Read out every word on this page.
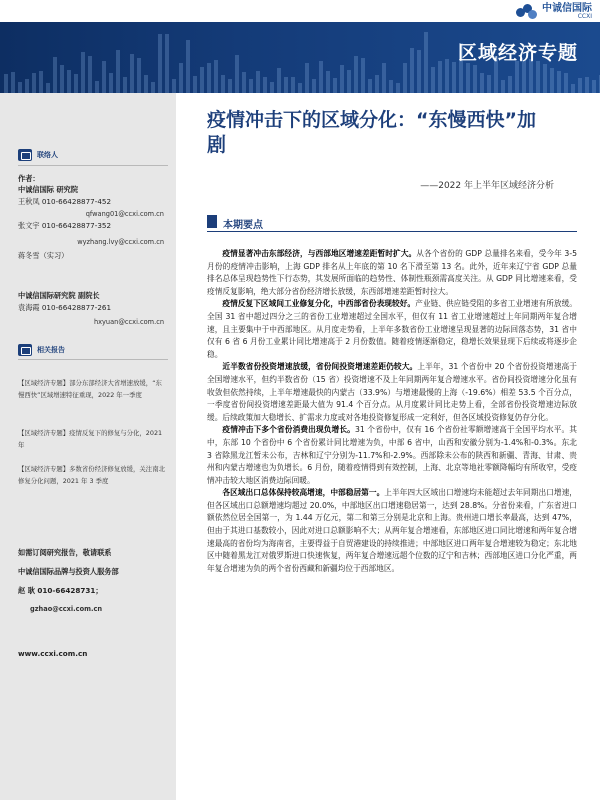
区域经济专题
中诚信国际
CCXI
联络人
作者：
中诚信国际 研究院
王秋凤 010-66428877-452
qfwang01@ccxi.com.cn
张文宇 010-66428877-352
wyzhang.lvy@ccxi.com.cn
蒋冬雪（实习）
中诚信国际研究院 副院长
袁海霞 010-66428877-261
hxyuan@ccxi.com.cn
相关报告
【区域经济专题】部分东部经济大省增速放缓，“东慢西快”区域增速特征重现，2022 年一季度
【区域经济专题】疫情反复下的修复与分化，2021 年
【区域经济专题】多数省份经济修复放缓，关注南北修复分化问题，2021 年 3 季度
如需订阅研究报告，敬请联系
中诚信国际品牌与投资人服务部
赵 耿 010-66428731；
gzhao@ccxi.com.cn
www.ccxi.com.cn
疫情冲击下的区域分化：“东慢西快”加剧
——2022 年上半年区域经济分析
本期要点

疫情显著冲击东部经济，与西部地区增速差距暂时扩大。从各个省份的 GDP 总量排名来看，受今年 3-5 月份的疫情冲击影响，上海 GDP 排名从上年底的第 10 名下滑至第 13 名。此外，近年来辽宁省 GDP 总量排名总体呈现趋势性下行态势，其发展所面临的趋势性、体制性瓶颈需高度关注。从 GDP 同比增速来看，受疫情反复影响，绝大部分省份经济增长放缓，东西部增速差距暂时拉大。

疫情反复下区域间工业修复分化，中西部省份表现较好。产业链、供应链受阻的多省工业增速有所放缓。全国 31 省中超过四分之三的省份工业增速超过全国水平，但仅有 11 省工业增速超过上年同期两年复合增速，且主要集中于中西部地区。从月度走势看，上半年多数省份工业增速呈现显著的边际回落态势，31 省中仅有 6 省 6 月份工业累计同比增速高于 2 月份数值。随着疫情逐渐稳定，稳增长效果显现下后续或将逐步企稳。

近半数省份投资增速放缓，省份间投资增速差距仍较大。上半年，31 个省份中 20 个省份投资增速高于全国增速水平，但约半数省份（15 省）投资增速不及上年同期两年复合增速水平。省份间投资增速分化虽有收敛但依然持续，上半年增速最快的内蒙古（33.9%）与增速最慢的上海（-19.6%）相差 53.5 个百分点，一季度省份间投资增速差距最大值为 91.4 个百分点。从月度累计同比走势上看，全部省份投资增速边际放缓。后续政策加大稳增长、扩需求力度或对各地投资修复形成一定利好，但各区域投资修复仍存分化。

疫情冲击下多个省份消费出现负增长。31 个省份中，仅有 16 个省份社零额增速高于全国平均水平。其中，东部 10 个省份中 6 个省份累计同比增速为负，中部 6 省中，山西和安徽分别为-1.4%和-0.3%。东北 3 省除黑龙江暂未公布，吉林和辽宁分别为-11.7%和-2.9%。西部除未公布的陕西和新疆、青海、甘肃、贵州和内蒙古增速也为负增长。6 月份，随着疫情得到有效控制，上海、北京等地社零额降幅均有所收窄，受疫情冲击较大地区消费边际回暖。

各区域出口总体保持较高增速，中部稳居第一。上半年四大区域出口增速均未能超过去年同期出口增速，但各区域出口总额增速均超过 20.0%，中部地区出口增速稳居第一，达到 28.8%。分省份来看，广东省进口额依然位居全国第一，为 1.44 万亿元，第二和第三分别是北京和上海。贵州进口增长率最高，达到 47%，但由于其进口基数较小，因此对进口总额影响不大；从两年复合增速看，东部地区进口同比增速和两年复合增速最高的省份均为海南省，主要得益于自贸港建设的持续推进；中部地区进口两年复合增速较为稳定；东北地区中随着黑龙江对俄罗斯进口快速恢复，两年复合增速远超个位数的辽宁和吉林；西部地区进口分化严重，两年复合增速为负的两个省份西藏和新疆均位于西部地区。
